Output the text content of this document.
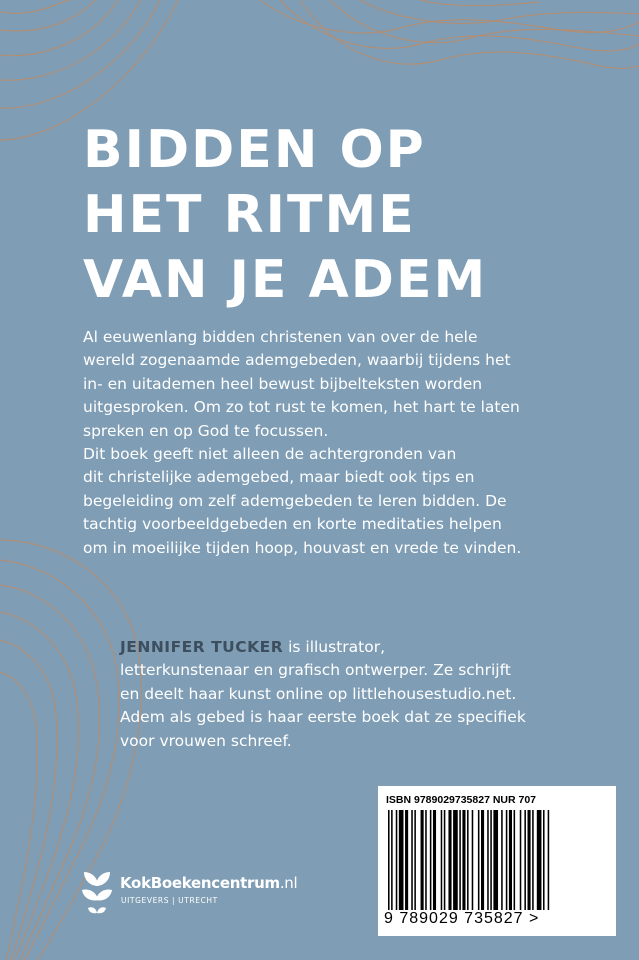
BIDDEN OP
HET RITME
VAN JE ADEM

Al eeuwenlang bidden christenen van over de hele
wereld zogenaamde ademgebeden, waarbij tijdens het
in- en uitademen heel bewust bijbelteksten worden
uitgesproken. Om zo tot rust te komen, het hart te laten
spreken en op God te focussen.
Dit boek geeft niet alleen de achtergronden van
dit christelijke ademgebed, maar biedt ook tips en
begeleiding om zelf ademgebeden te leren bidden. De
tachtig voorbeeldgebeden en korte meditaties helpen
om in moeilijke tijden hoop, houvast en vrede te vinden.

JENNIFER TUCKER is illustrator,
letterkunstenaar en grafisch ontwerper. Ze schrijft
en deelt haar kunst online op littlehousestudio.net.
Adem als gebed is haar eerste boek dat ze specifiek
voor vrouwen schreef.

ISBN 9789029735827 NUR 707
9 789029 735827 >
KokBoekencentrum.nl
UITGEVERS | UTRECHT
